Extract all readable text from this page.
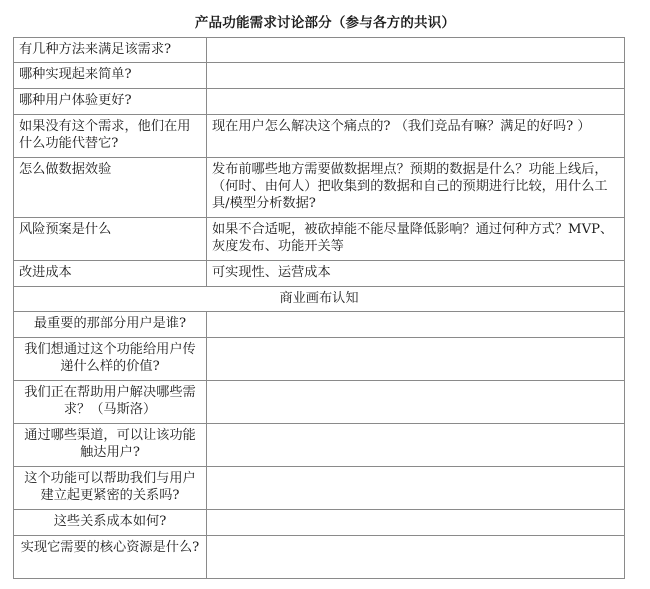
产品功能需求讨论部分（参与各方的共识）
有几种方法来满足该需求?	
哪种实现起来简单?	
哪种用户体验更好?	
如果没有这个需求，他们在用什么功能代替它?	现在用户怎么解决这个痛点的? （我们竞品有嘛？满足的好吗? ）
怎么做数据效验	发布前哪些地方需要做数据埋点？预期的数据是什么？功能上线后，（何时、由何人）把收集到的数据和自己的预期进行比较，用什么工具/模型分析数据?
风险预案是什么	如果不合适呢，被砍掉能不能尽量降低影响？通过何种方式？MVP、灰度发布、功能开关等
改进成本	可实现性、运营成本
商业画布认知	
最重要的那部分用户是谁?	
我们想通过这个功能给用户传递什么样的价值?	
我们正在帮助用户解决哪些需求？（马斯洛）	
通过哪些渠道，可以让该功能触达用户?	
这个功能可以帮助我们与用户建立起更紧密的关系吗?	
这些关系成本如何?	
实现它需要的核心资源是什么?	
